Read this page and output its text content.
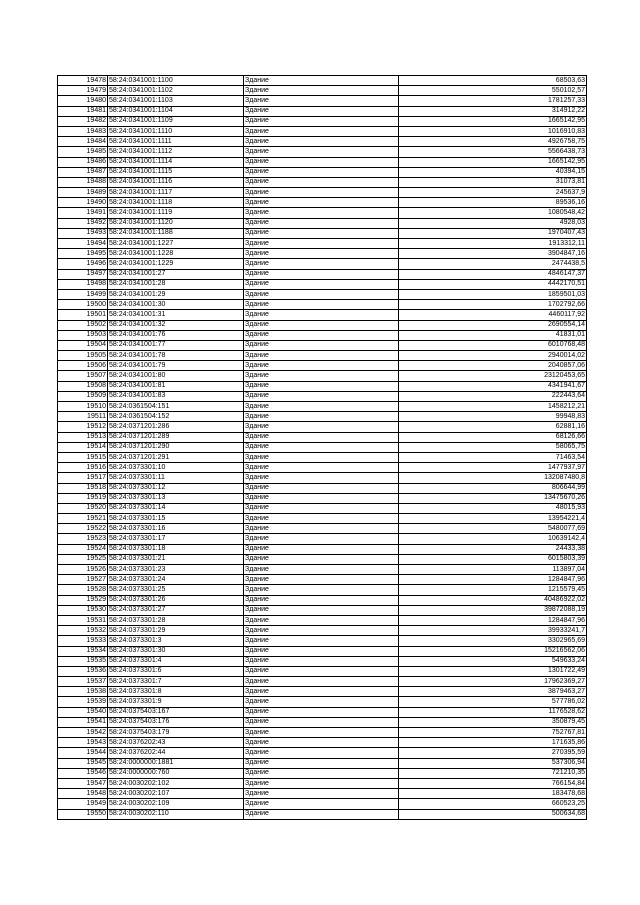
19478	58:24:0341001:1100	Здание	68503,63
19479	58:24:0341001:1102	Здание	550102,57
19480	58:24:0341001:1103	Здание	1781257,33
19481	58:24:0341001:1104	Здание	314912,22
19482	58:24:0341001:1109	Здание	1665142,95
19483	58:24:0341001:1110	Здание	1016910,83
19484	58:24:0341001:1111	Здание	4926758,75
19485	58:24:0341001:1112	Здание	5566438,73
19486	58:24:0341001:1114	Здание	1665142,95
19487	58:24:0341001:1115	Здание	40394,15
19488	58:24:0341001:1116	Здание	31073,81
19489	58:24:0341001:1117	Здание	245637,9
19490	58:24:0341001:1118	Здание	89536,16
19491	58:24:0341001:1119	Здание	1080548,42
19492	58:24:0341001:1120	Здание	4928,03
19493	58:24:0341001:1188	Здание	1970407,43
19494	58:24:0341001:1227	Здание	1913312,11
19495	58:24:0341001:1228	Здание	3904847,16
19496	58:24:0341001:1229	Здание	2474438,5
19497	58:24:0341001:27	Здание	4846147,37
19498	58:24:0341001:28	Здание	4442170,51
19499	58:24:0341001:29	Здание	1859501,03
19500	58:24:0341001:30	Здание	1702792,66
19501	58:24:0341001:31	Здание	4460117,92
19502	58:24:0341001:32	Здание	2690554,14
19503	58:24:0341001:76	Здание	41831,01
19504	58:24:0341001:77	Здание	6010768,48
19505	58:24:0341001:78	Здание	2940014,02
19506	58:24:0341001:79	Здание	2040857,06
19507	58:24:0341001:80	Здание	23120453,65
19508	58:24:0341001:81	Здание	4341941,67
19509	58:24:0341001:83	Здание	222443,64
19510	58:24:0361504:151	Здание	1458212,21
19511	58:24:0361504:152	Здание	99948,83
19512	58:24:0371201:286	Здание	62881,16
19513	58:24:0371201:289	Здание	68126,66
19514	58:24:0371201:290	Здание	58065,75
19515	58:24:0371201:291	Здание	71463,54
19516	58:24:0373301:10	Здание	1477937,97
19517	58:24:0373301:11	Здание	132087480,8
19518	58:24:0373301:12	Здание	806644,99
19519	58:24:0373301:13	Здание	13475670,26
19520	58:24:0373301:14	Здание	48015,93
19521	58:24:0373301:15	Здание	13954221,4
19522	58:24:0373301:16	Здание	5480077,69
19523	58:24:0373301:17	Здание	10639142,4
19524	58:24:0373301:18	Здание	24433,38
19525	58:24:0373301:21	Здание	6015803,39
19526	58:24:0373301:23	Здание	113897,04
19527	58:24:0373301:24	Здание	1284847,96
19528	58:24:0373301:25	Здание	1215579,45
19529	58:24:0373301:26	Здание	40486922,02
19530	58:24:0373301:27	Здание	39872088,19
19531	58:24:0373301:28	Здание	1284847,96
19532	58:24:0373301:29	Здание	39933241,7
19533	58:24:0373301:3	Здание	3302965,69
19534	58:24:0373301:30	Здание	15216562,06
19535	58:24:0373301:4	Здание	549633,24
19536	58:24:0373301:6	Здание	1301722,49
19537	58:24:0373301:7	Здание	17962369,27
19538	58:24:0373301:8	Здание	3879463,27
19539	58:24:0373301:9	Здание	577786,02
19540	58:24:0375403:167	Здание	1176528,62
19541	58:24:0375403:176	Здание	350879,45
19542	58:24:0375403:179	Здание	752767,81
19543	58:24:0376202:43	Здание	171635,86
19544	58:24:0376202:44	Здание	270395,59
19545	58:24:0000000:1881	Здание	537306,94
19546	58:24:0000000:760	Здание	721210,35
19547	58:24:0030202:102	Здание	766154,84
19548	58:24:0030202:107	Здание	183478,68
19549	58:24:0030202:109	Здание	660523,25
19550	58:24:0030202:110	Здание	500634,68
